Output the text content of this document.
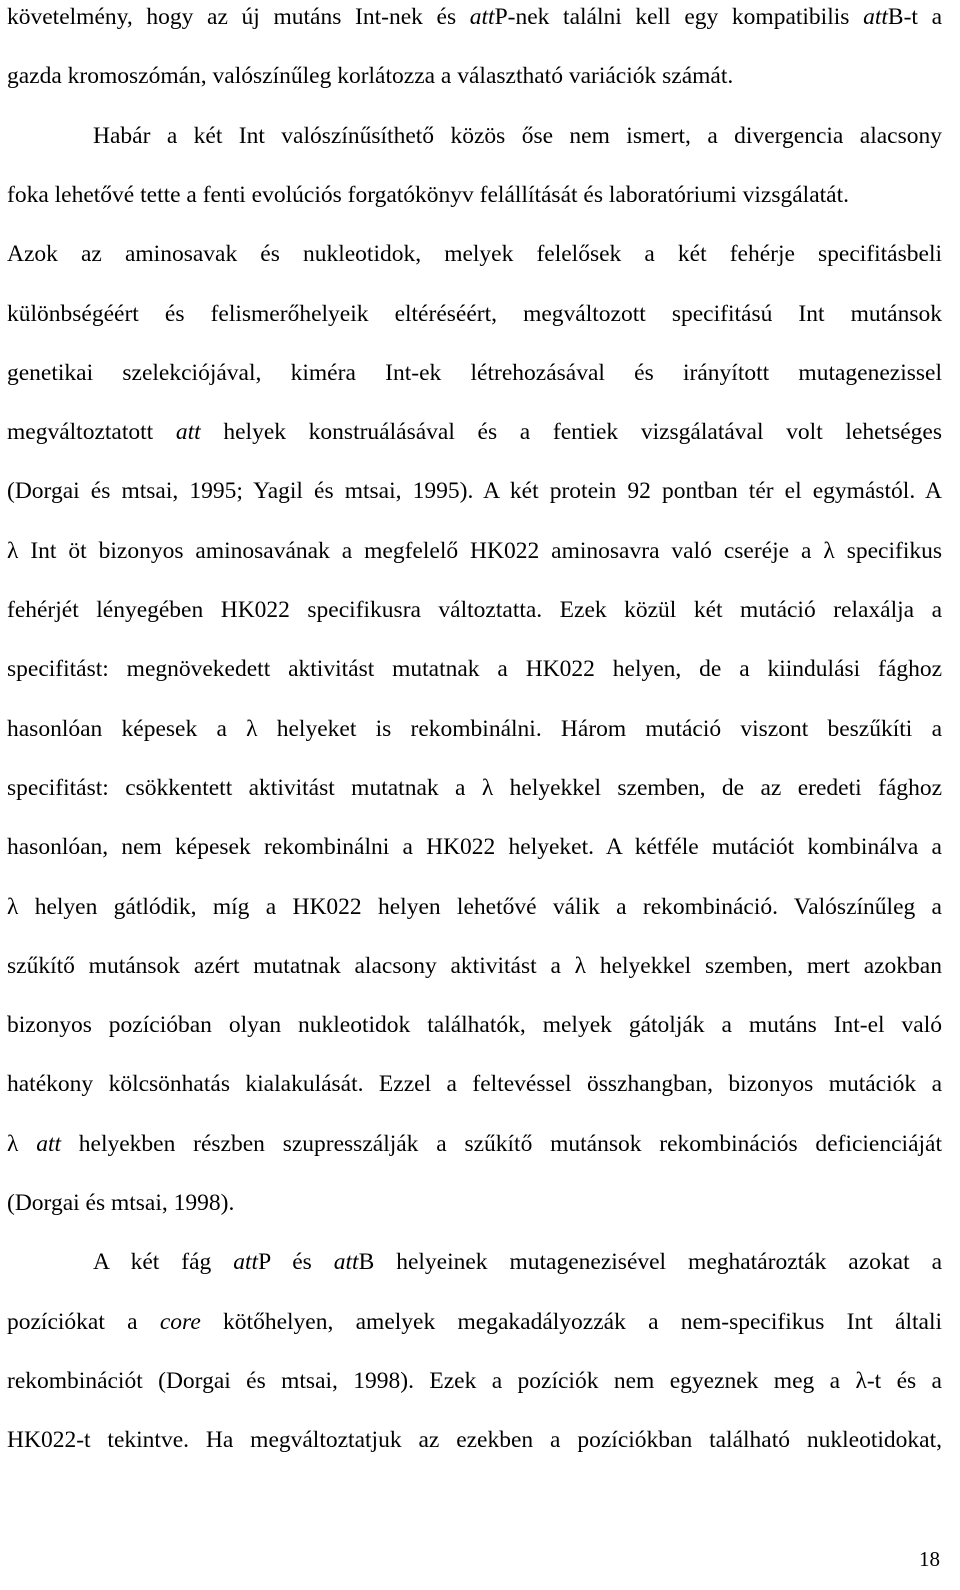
követelmény, hogy az új mutáns Int-nek és attP-nek találni kell egy kompatibilis attB-t a
gazda kromoszómán, valószínűleg korlátozza a választható variációk számát.
Habár a két Int valószínűsíthető közös őse nem ismert, a divergencia alacsony
foka lehetővé tette a fenti evolúciós forgatókönyv felállítását és laboratóriumi vizsgálatát.
Azok az aminosavak és nukleotidok, melyek felelősek a két fehérje specifitásbeli
különbségéért és felismerőhelyeik eltéréséért, megváltozott specifitású Int mutánsok
genetikai szelekciójával, kiméra Int-ek létrehozásával és irányított mutagenezissel
megváltoztatott att helyek konstruálásával és a fentiek vizsgálatával volt lehetséges
(Dorgai és mtsai, 1995; Yagil és mtsai, 1995). A két protein 92 pontban tér el egymástól. A
λ Int öt bizonyos aminosavának a megfelelő HK022 aminosavra való cseréje a λ specifikus
fehérjét lényegében HK022 specifikusra változtatta. Ezek közül két mutáció relaxálja a
specifitást: megnövekedett aktivitást mutatnak a HK022 helyen, de a kiindulási fághoz
hasonlóan képesek a λ helyeket is rekombinálni. Három mutáció viszont beszűkíti a
specifitást: csökkentett aktivitást mutatnak a λ helyekkel szemben, de az eredeti fághoz
hasonlóan, nem képesek rekombinálni a HK022 helyeket. A kétféle mutációt kombinálva a
λ helyen gátlódik, míg a HK022 helyen lehetővé válik a rekombináció. Valószínűleg a
szűkítő mutánsok azért mutatnak alacsony aktivitást a λ helyekkel szemben, mert azokban
bizonyos pozícióban olyan nukleotidok találhatók, melyek gátolják a mutáns Int-el való
hatékony kölcsönhatás kialakulását. Ezzel a feltevéssel összhangban, bizonyos mutációk a
λ att helyekben részben szupresszálják a szűkítő mutánsok rekombinációs deficienciáját
(Dorgai és mtsai, 1998).
A két fág attP és attB helyeinek mutagenezisével meghatározták azokat a
pozíciókat a core kötőhelyen, amelyek megakadályozzák a nem-specifikus Int általi
rekombinációt (Dorgai és mtsai, 1998). Ezek a pozíciók nem egyeznek meg a λ-t és a
HK022-t tekintve. Ha megváltoztatjuk az ezekben a pozíciókban található nukleotidokat,
18
